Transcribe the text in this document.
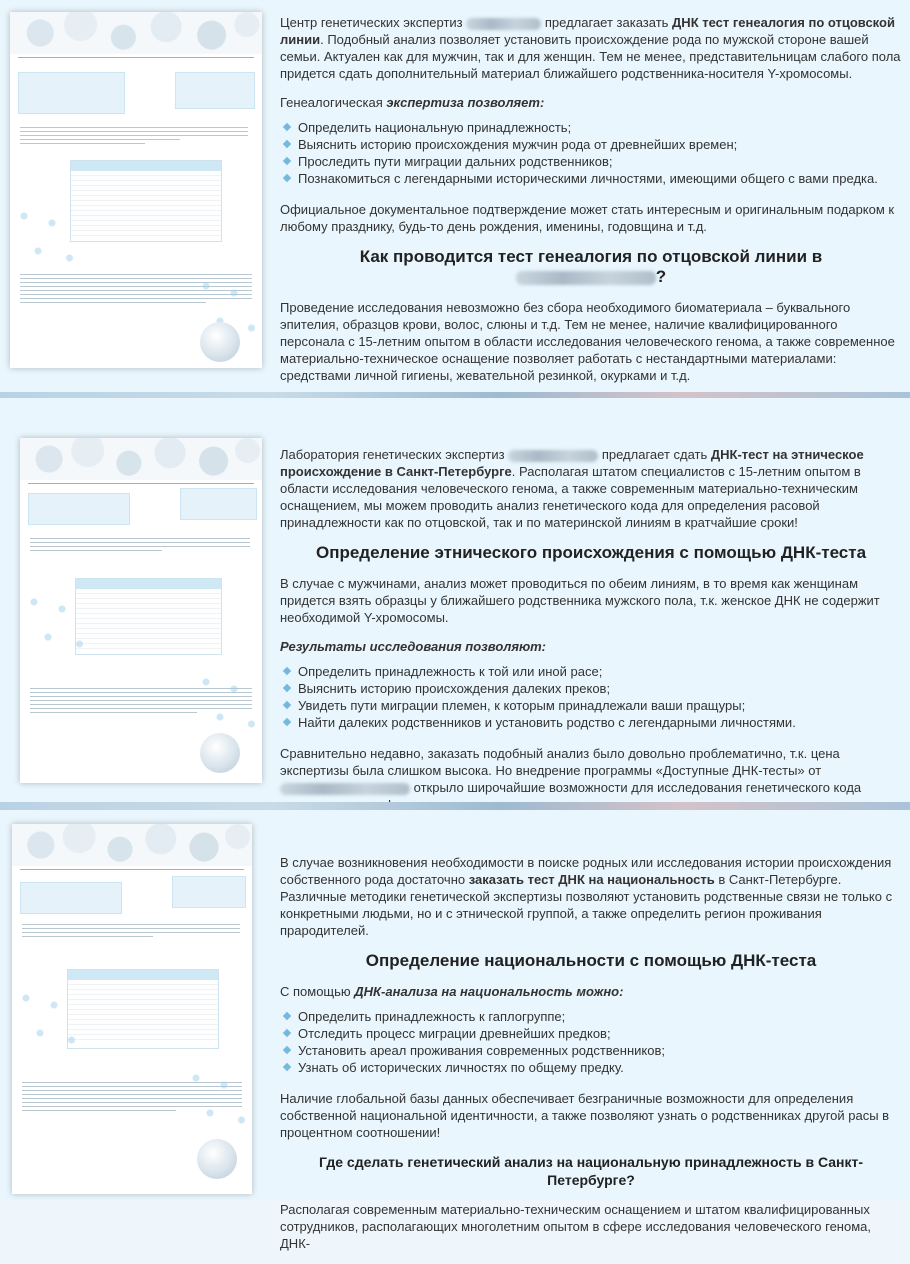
Центр генетических экспертиз	предлагает заказать ДНК тест генеалогия по отцовской линии. Подобный анализ позволяет установить происхождение рода по мужской стороне вашей семьи. Актуален как для мужчин, так и для женщин. Тем не менее, представительницам слабого пола придется сдать дополнительный материал ближайшего родственника-носителя Y-хромосомы.

Генеалогическая экспертиза позволяет:

Определить национальную принадлежность;
Выяснить историю происхождения мужчин рода от древнейших времен;
Проследить пути миграции дальних родственников;
Познакомиться с легендарными историческими личностями, имеющими общего с вами предка.

Официальное документальное подтверждение может стать интересным и оригинальным подарком к любому празднику, будь-то день рождения, именины, годовщина и т.д.

Как проводится тест генеалогия по отцовской линии в
?

Проведение исследования невозможно без сбора необходимого биоматериала – буквального эпителия, образцов крови, волос, слюны и т.д. Тем не менее, наличие квалифицированного персонала с 15-летним опытом в области исследования человеческого генома, а также современное материально-техническое оснащение позволяет работать с нестандартными материалами: средствами личной гигиены, жевательной резинкой, окурками и т.д.

Лаборатория генетических экспертиз	предлагает сдать ДНК-тест на этническое происхождение в Санкт-Петербурге. Располагая штатом специалистов с 15-летним опытом в области исследования человеческого генома, а также современным материально-техническим оснащением, мы можем проводить анализ генетического кода для определения расовой принадлежности как по отцовской, так и по материнской линиям в кратчайшие сроки!

Определение этнического происхождения с помощью ДНК-теста

В случае с мужчинами, анализ может проводиться по обеим линиям, в то время как женщинам придется взять образцы у ближайшего родственника мужского пола, т.к. женское ДНК не содержит необходимой Y-хромосомы.

Результаты исследования позволяют:

Определить принадлежность к той или иной расе;
Выяснить историю происхождения далеких преков;
Увидеть пути миграции племен, к которым принадлежали ваши пращуры;
Найти далеких родственников и установить родство с легендарными личностями.

Сравнительно недавно, заказать подобный анализ было довольно проблематично, т.к. цена экспертизы была слишком высока. Но внедрение программы «Доступные ДНК-тесты» от  открыло широчайшие возможности для исследования генетического кода

В случае возникновения необходимости в поиске родных или исследования истории происхождения собственного рода достаточно заказать тест ДНК на национальность в Санкт-Петербурге. Различные методики генетической экспертизы позволяют установить родственные связи не только с конкретными людьми, но и с этнической группой, а также определить регион проживания прародителей.

Определение национальности с помощью ДНК-теста

С помощью ДНК-анализа на национальность можно:

Определить принадлежность к гаплогруппе;
Отследить процесс миграции древнейших предков;
Установить ареал проживания современных родственников;
Узнать об исторических личностях по общему предку.

Наличие глобальной базы данных обеспечивает безграничные возможности для определения собственной национальной идентичности, а также позволяют узнать о родственниках другой расы в процентном соотношении!

Где сделать генетический анализ на национальную принадлежность в Санкт-Петербурге?

Располагая современным материально-техническим оснащением и штатом квалифицированных сотрудников, располагающих многолетним опытом в сфере исследования человеческого генома, ДНК-
